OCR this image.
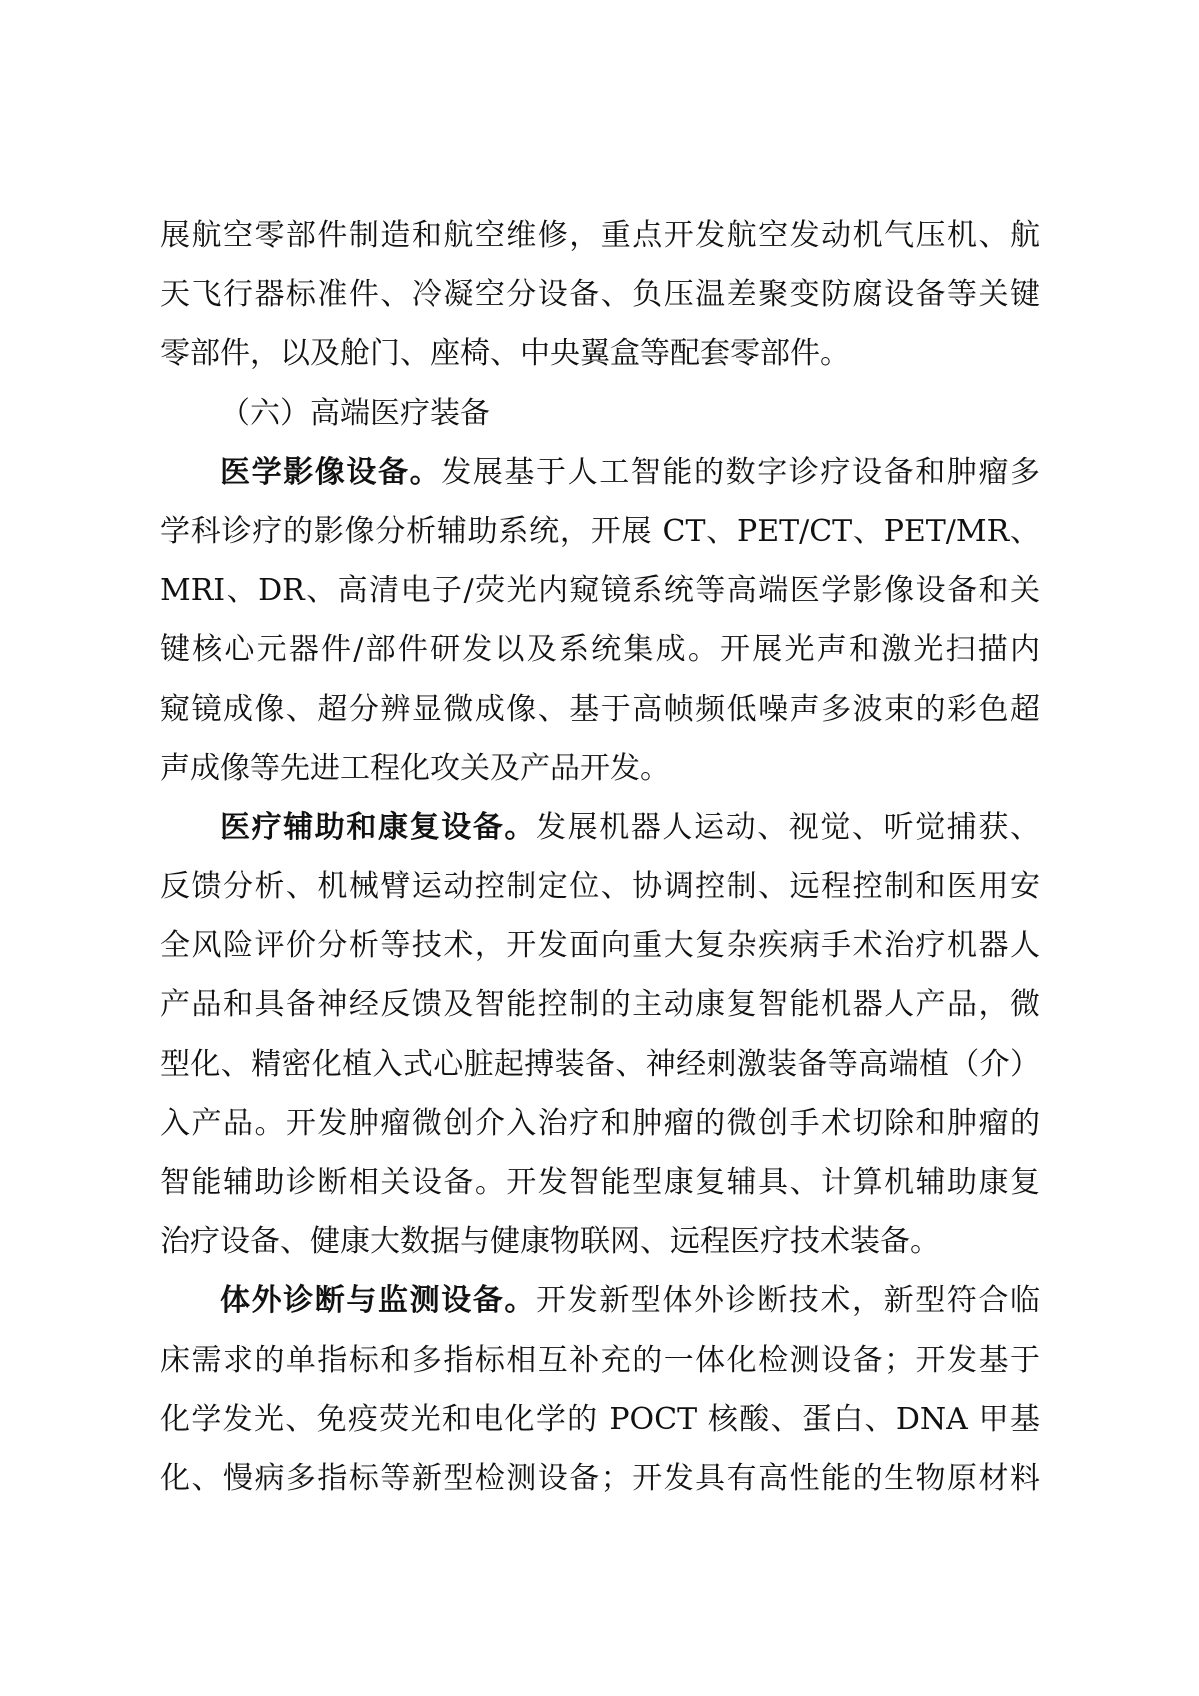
展航空零部件制造和航空维修，重点开发航空发动机气压机、航
天飞行器标准件、冷凝空分设备、负压温差聚变防腐设备等关键
零部件，以及舱门、座椅、中央翼盒等配套零部件。
（六）高端医疗装备
医学影像设备。发展基于人工智能的数字诊疗设备和肿瘤多
学科诊疗的影像分析辅助系统，开展 CT、PET/CT、PET/MR、
MRI、DR、高清电子/荧光内窥镜系统等高端医学影像设备和关
键核心元器件/部件研发以及系统集成。开展光声和激光扫描内
窥镜成像、超分辨显微成像、基于高帧频低噪声多波束的彩色超
声成像等先进工程化攻关及产品开发。
医疗辅助和康复设备。发展机器人运动、视觉、听觉捕获、
反馈分析、机械臂运动控制定位、协调控制、远程控制和医用安
全风险评价分析等技术，开发面向重大复杂疾病手术治疗机器人
产品和具备神经反馈及智能控制的主动康复智能机器人产品，微
型化、精密化植入式心脏起搏装备、神经刺激装备等高端植（介）
入产品。开发肿瘤微创介入治疗和肿瘤的微创手术切除和肿瘤的
智能辅助诊断相关设备。开发智能型康复辅具、计算机辅助康复
治疗设备、健康大数据与健康物联网、远程医疗技术装备。
体外诊断与监测设备。开发新型体外诊断技术，新型符合临
床需求的单指标和多指标相互补充的一体化检测设备；开发基于
化学发光、免疫荧光和电化学的 POCT 核酸、蛋白、DNA 甲基
化、慢病多指标等新型检测设备；开发具有高性能的生物原材料
